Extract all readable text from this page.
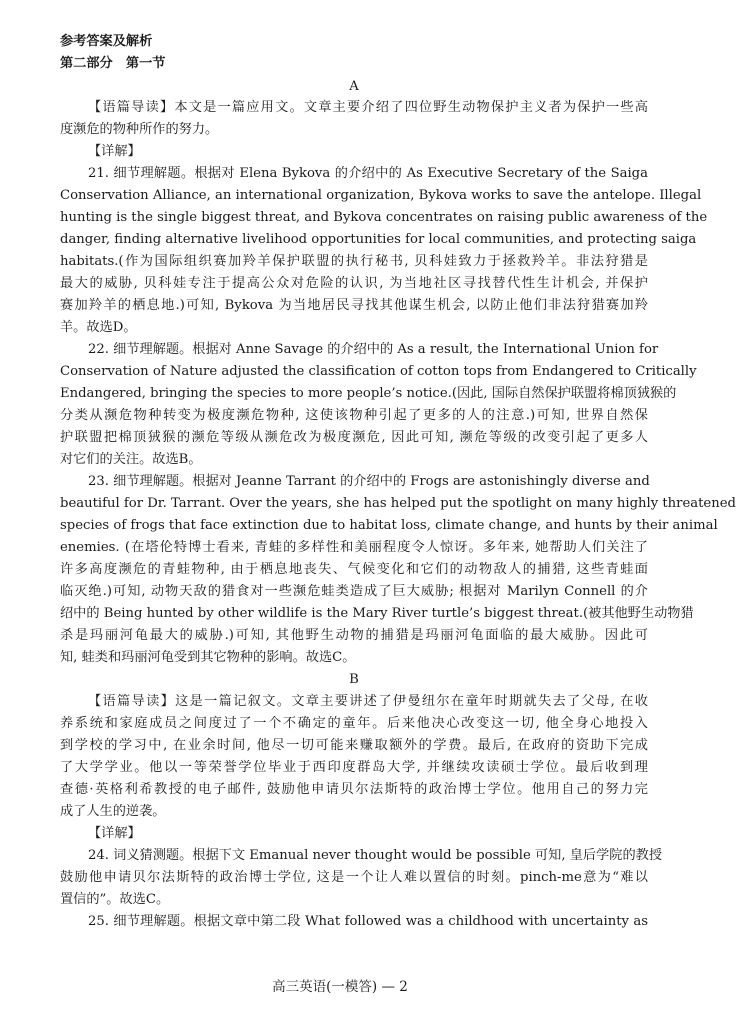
参考答案及解析
第二部分　第一节
A
【语篇导读】本文是一篇应用文。文章主要介绍了四位野生动物保护主义者为保护一些高
度濒危的物种所作的努力。
【详解】
21. 细节理解题。根据对 Elena Bykova 的介绍中的 As Executive Secretary of the Saiga
Conservation Alliance, an international organization, Bykova works to save the antelope. Illegal
hunting is the single biggest threat, and Bykova concentrates on raising public awareness of the
danger, finding alternative livelihood opportunities for local communities, and protecting saiga
habitats.(作为国际组织赛加羚羊保护联盟的执行秘书, 贝科娃致力于拯救羚羊。非法狩猎是
最大的威胁, 贝科娃专注于提高公众对危险的认识, 为当地社区寻找替代性生计机会, 并保护
赛加羚羊的栖息地.)可知, Bykova 为当地居民寻找其他谋生机会, 以防止他们非法狩猎赛加羚
羊。故选D。
22. 细节理解题。根据对 Anne Savage 的介绍中的 As a result, the International Union for
Conservation of Nature adjusted the classification of cotton tops from Endangered to Critically
Endangered, bringing the species to more people’s notice.(因此, 国际自然保护联盟将棉顶狨猴的
分类从濒危物种转变为极度濒危物种, 这使该物种引起了更多的人的注意.)可知, 世界自然保
护联盟把棉顶狨猴的濒危等级从濒危改为极度濒危, 因此可知, 濒危等级的改变引起了更多人
对它们的关注。故选B。
23. 细节理解题。根据对 Jeanne Tarrant 的介绍中的 Frogs are astonishingly diverse and
beautiful for Dr. Tarrant. Over the years, she has helped put the spotlight on many highly threatened
species of frogs that face extinction due to habitat loss, climate change, and hunts by their animal
enemies. (在塔伦特博士看来, 青蛙的多样性和美丽程度令人惊讶。多年来, 她帮助人们关注了
许多高度濒危的青蛙物种, 由于栖息地丧失、气候变化和它们的动物敌人的捕猎, 这些青蛙面
临灭绝.)可知, 动物天敌的猎食对一些濒危蛙类造成了巨大威胁; 根据对 Marilyn Connell 的介
绍中的 Being hunted by other wildlife is the Mary River turtle’s biggest threat.(被其他野生动物猎
杀是玛丽河龟最大的威胁.)可知, 其他野生动物的捕猎是玛丽河龟面临的最大威胁。因此可
知, 蛙类和玛丽河龟受到其它物种的影响。故选C。
B
【语篇导读】这是一篇记叙文。文章主要讲述了伊曼纽尔在童年时期就失去了父母, 在收
养系统和家庭成员之间度过了一个不确定的童年。后来他决心改变这一切, 他全身心地投入
到学校的学习中, 在业余时间, 他尽一切可能来赚取额外的学费。最后, 在政府的资助下完成
了大学学业。他以一等荣誉学位毕业于西印度群岛大学, 并继续攻读硕士学位。最后收到理
查德·英格利希教授的电子邮件, 鼓励他申请贝尔法斯特的政治博士学位。他用自己的努力完
成了人生的逆袭。
【详解】
24. 词义猜测题。根据下文 Emanual never thought would be possible 可知, 皇后学院的教授
鼓励他申请贝尔法斯特的政治博士学位, 这是一个让人难以置信的时刻。pinch-me意为“难以
置信的”。故选C。
25. 细节理解题。根据文章中第二段 What followed was a childhood with uncertainty as
高三英语(一模答) — 2
